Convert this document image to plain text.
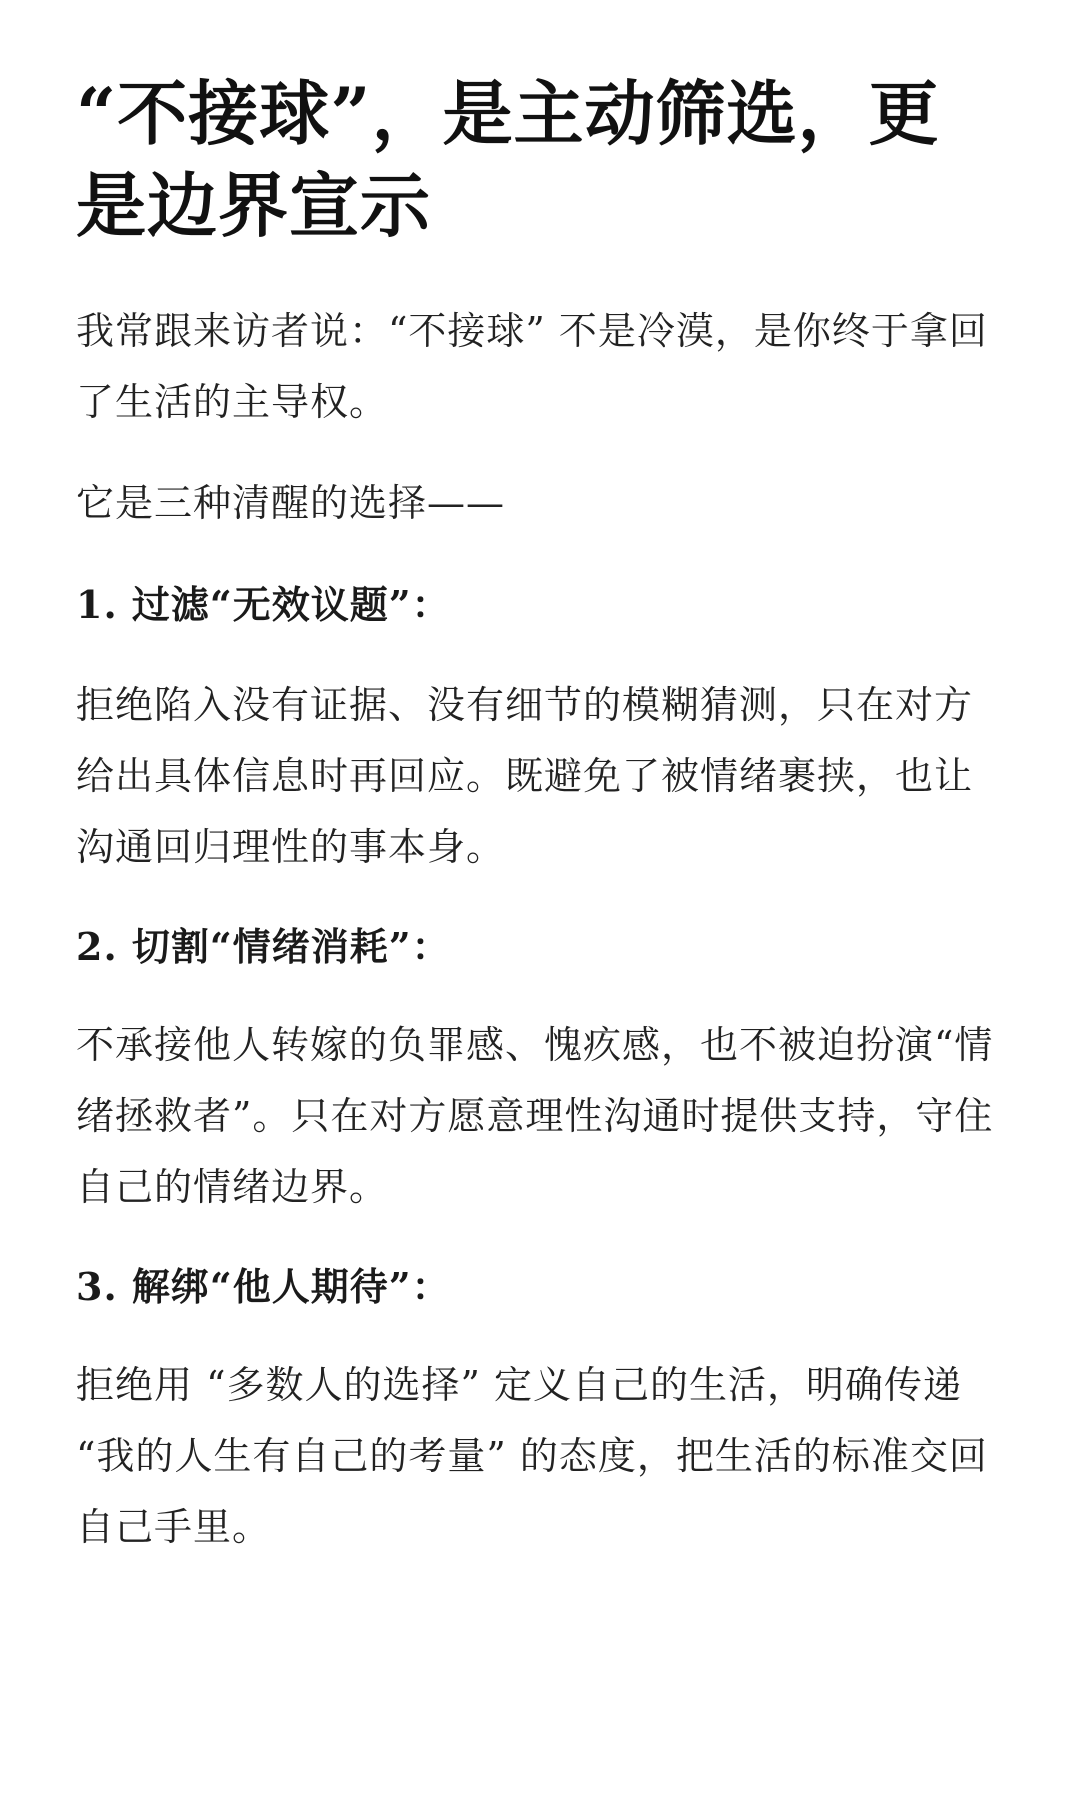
“不接球”，是主动筛选，更是边界宣示

我常跟来访者说：“不接球” 不是冷漠，是你终于拿回了生活的主导权。

它是三种清醒的选择——

1. 过滤“无效议题”：

拒绝陷入没有证据、没有细节的模糊猜测，只在对方给出具体信息时再回应。既避免了被情绪裹挟，也让沟通回归理性的事本身。

2. 切割“情绪消耗”：

不承接他人转嫁的负罪感、愧疚感，也不被迫扮演“情绪拯救者”。只在对方愿意理性沟通时提供支持，守住自己的情绪边界。

3. 解绑“他人期待”：

拒绝用 “多数人的选择” 定义自己的生活，明确传递 “我的人生有自己的考量” 的态度，把生活的标准交回自己手里。
